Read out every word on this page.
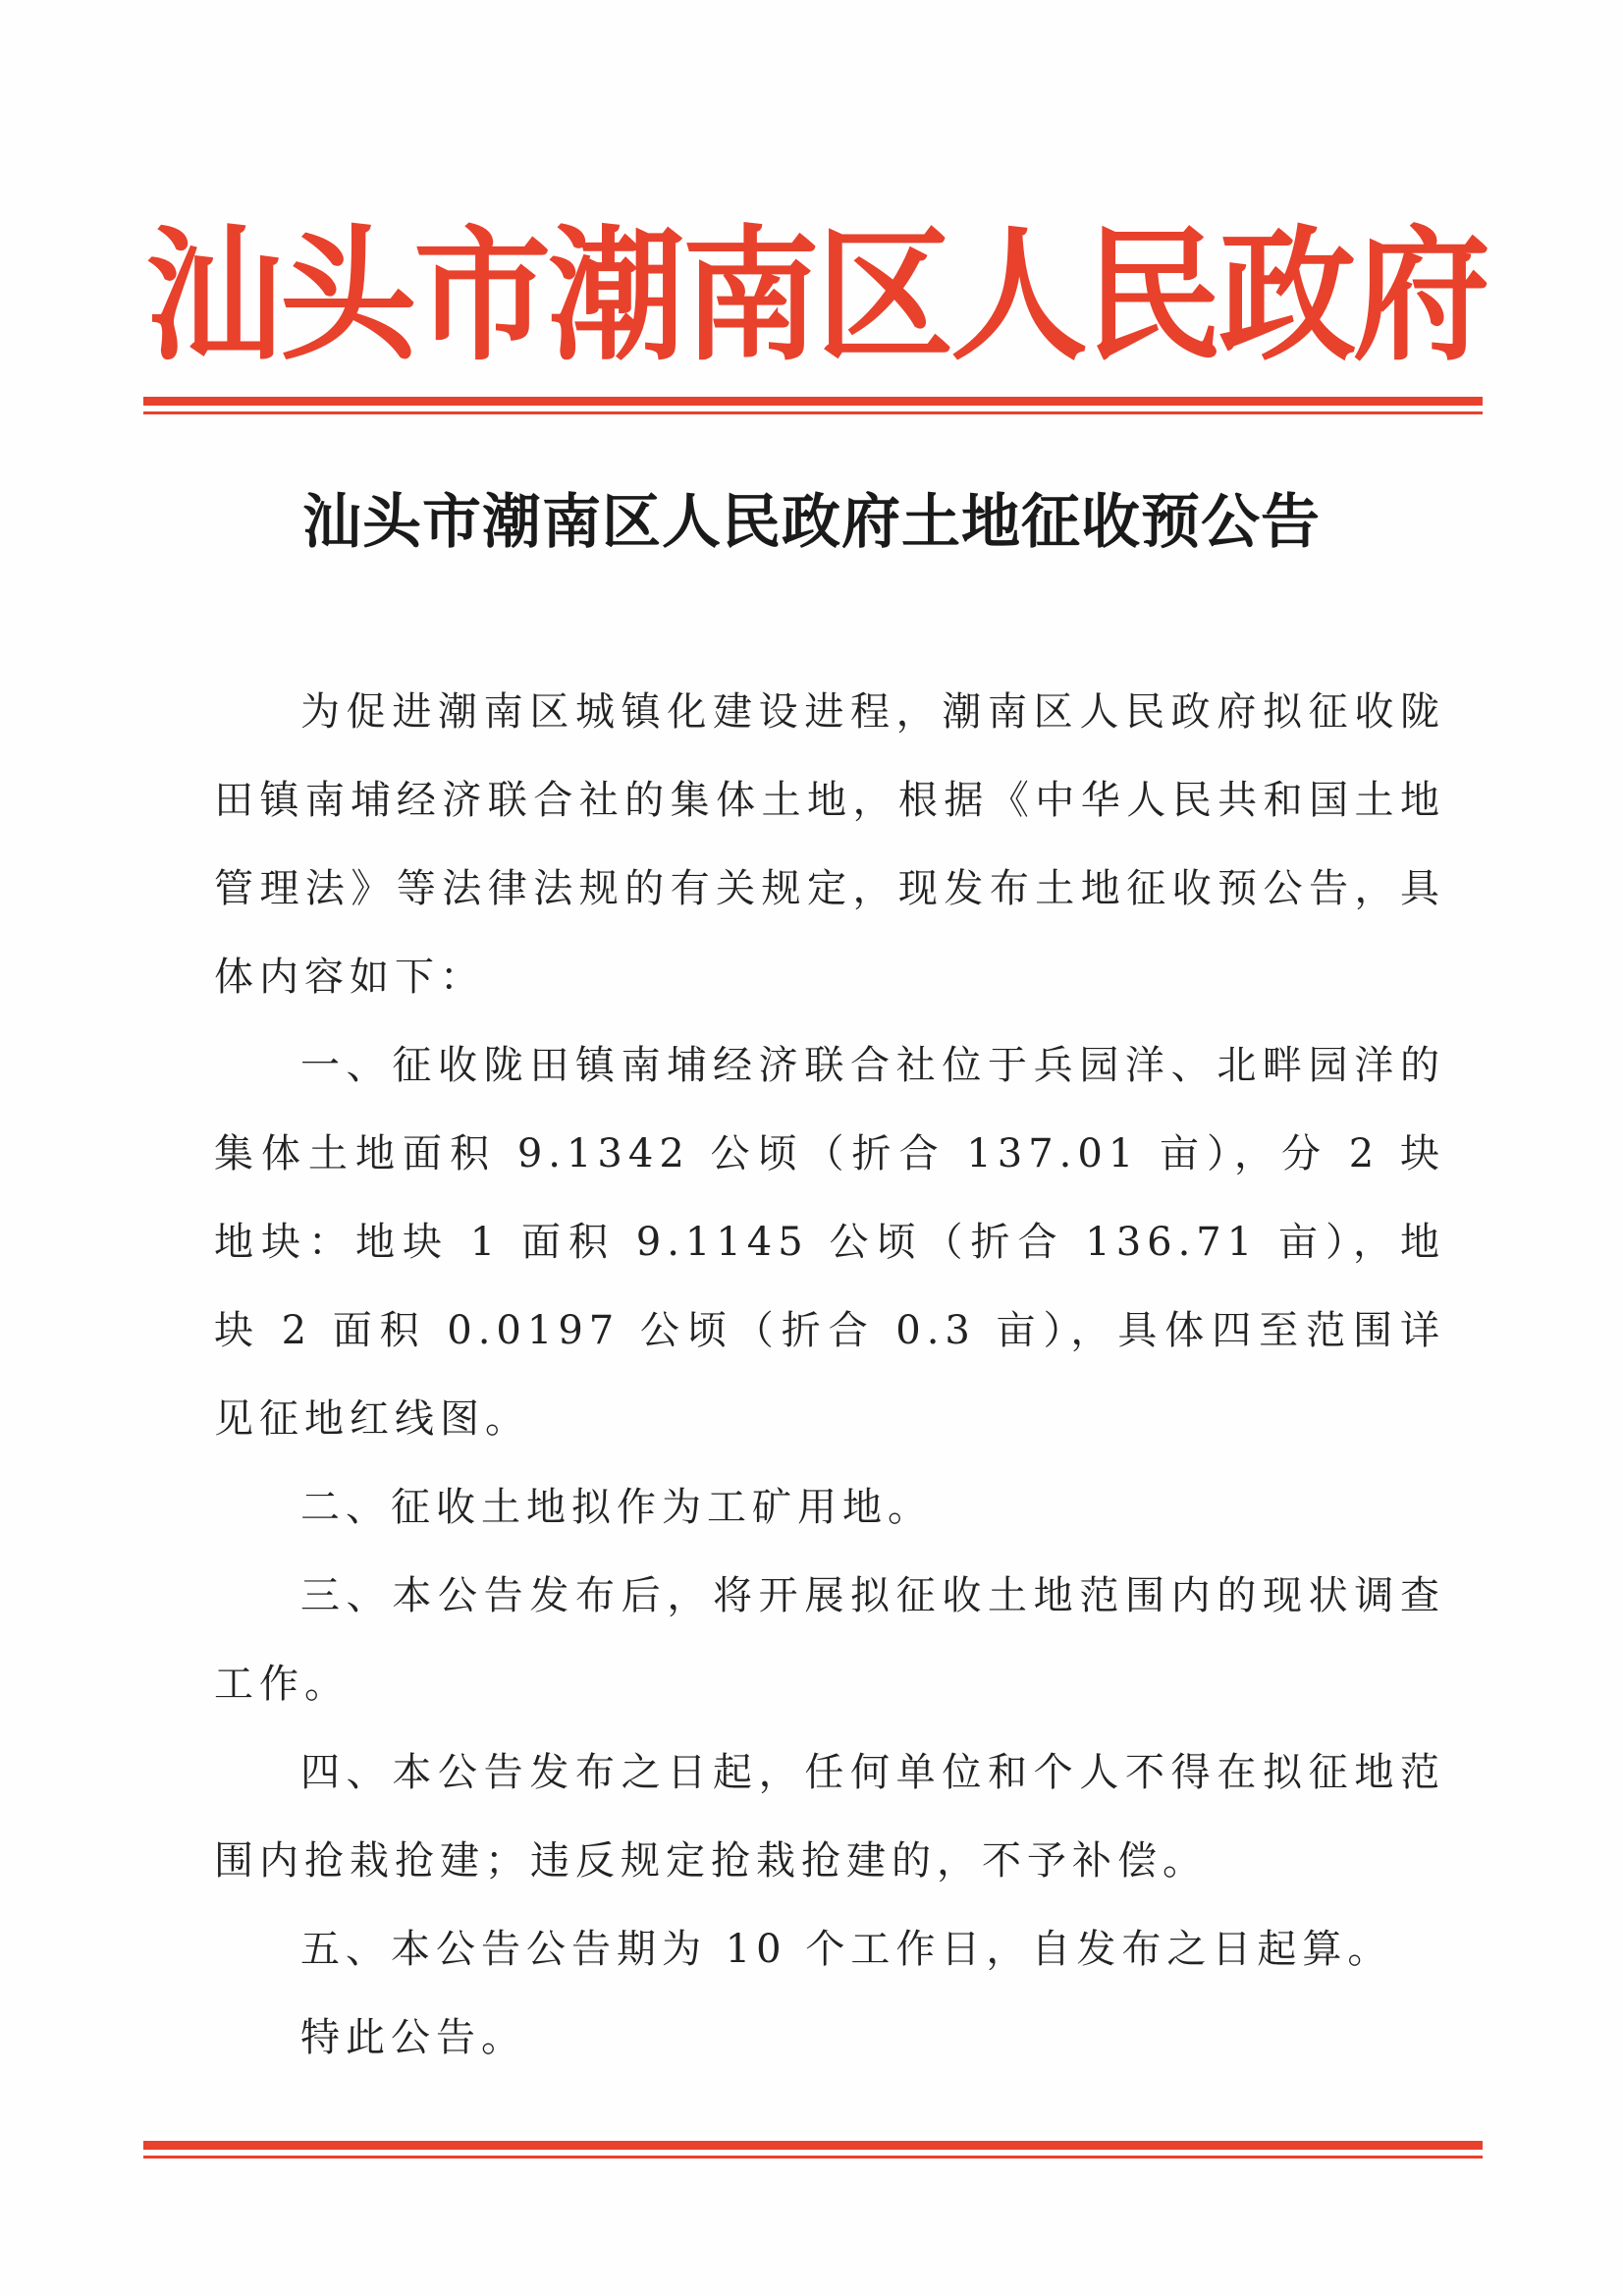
汕
头
市
潮
南
区
人
民
政
府
汕头市潮南区人民政府土地征收预公告

为促进潮南区城镇化建设进程，潮南区人民政府拟征收陇田镇南埔经济联合社的集体土地，根据《中华人民共和国土地管理法》等法律法规的有关规定，现发布土地征收预公告，具体内容如下：

一、征收陇田镇南埔经济联合社位于兵园洋、北畔园洋的集体土地面积 9.1342 公顷（折合 137.01 亩），分 2 块地块：地块 1 面积 9.1145 公顷（折合 136.71 亩），地块 2 面积 0.0197 公顷（折合 0.3 亩），具体四至范围详见征地红线图。

二、征收土地拟作为工矿用地。

三、本公告发布后，将开展拟征收土地范围内的现状调查工作。

四、本公告发布之日起，任何单位和个人不得在拟征地范围内抢栽抢建；违反规定抢栽抢建的，不予补偿。

五、本公告公告期为 10 个工作日，自发布之日起算。

特此公告。
